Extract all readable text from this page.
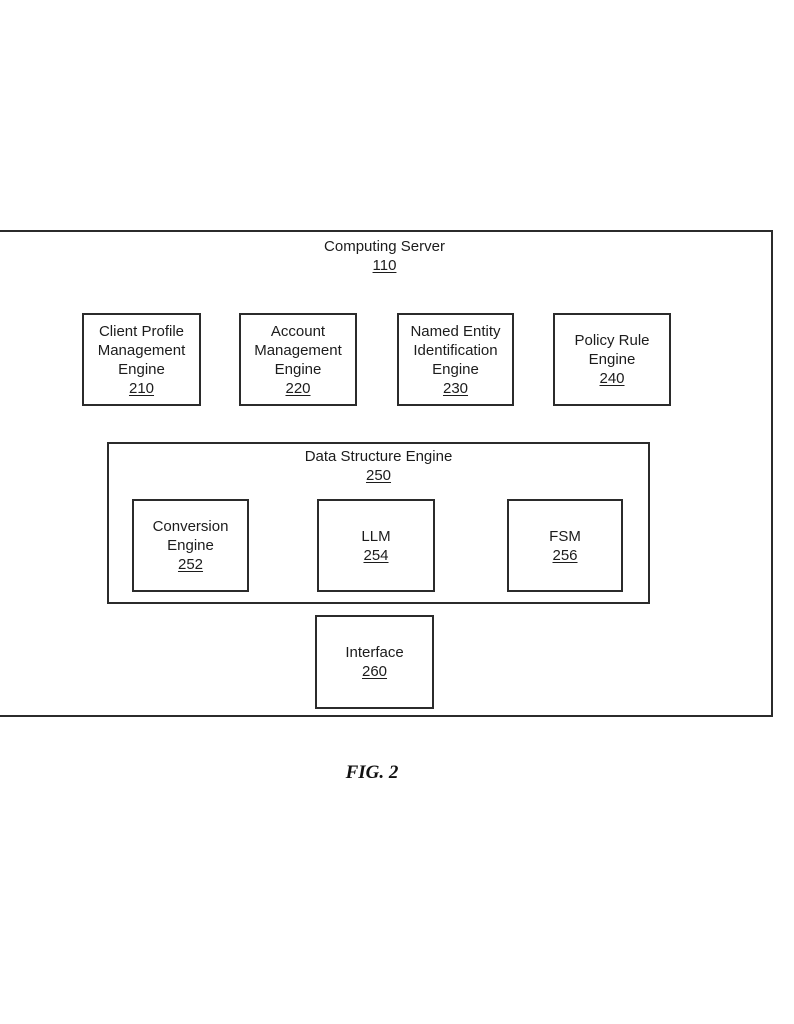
Computing Server
110
Client Profile
Management
Engine
210
Account
Management
Engine
220
Named Entity
Identification
Engine
230
Policy Rule
Engine
240
Data Structure Engine
250
Conversion
Engine
252
LLM
254
FSM
256
Interface
260
FIG. 2
